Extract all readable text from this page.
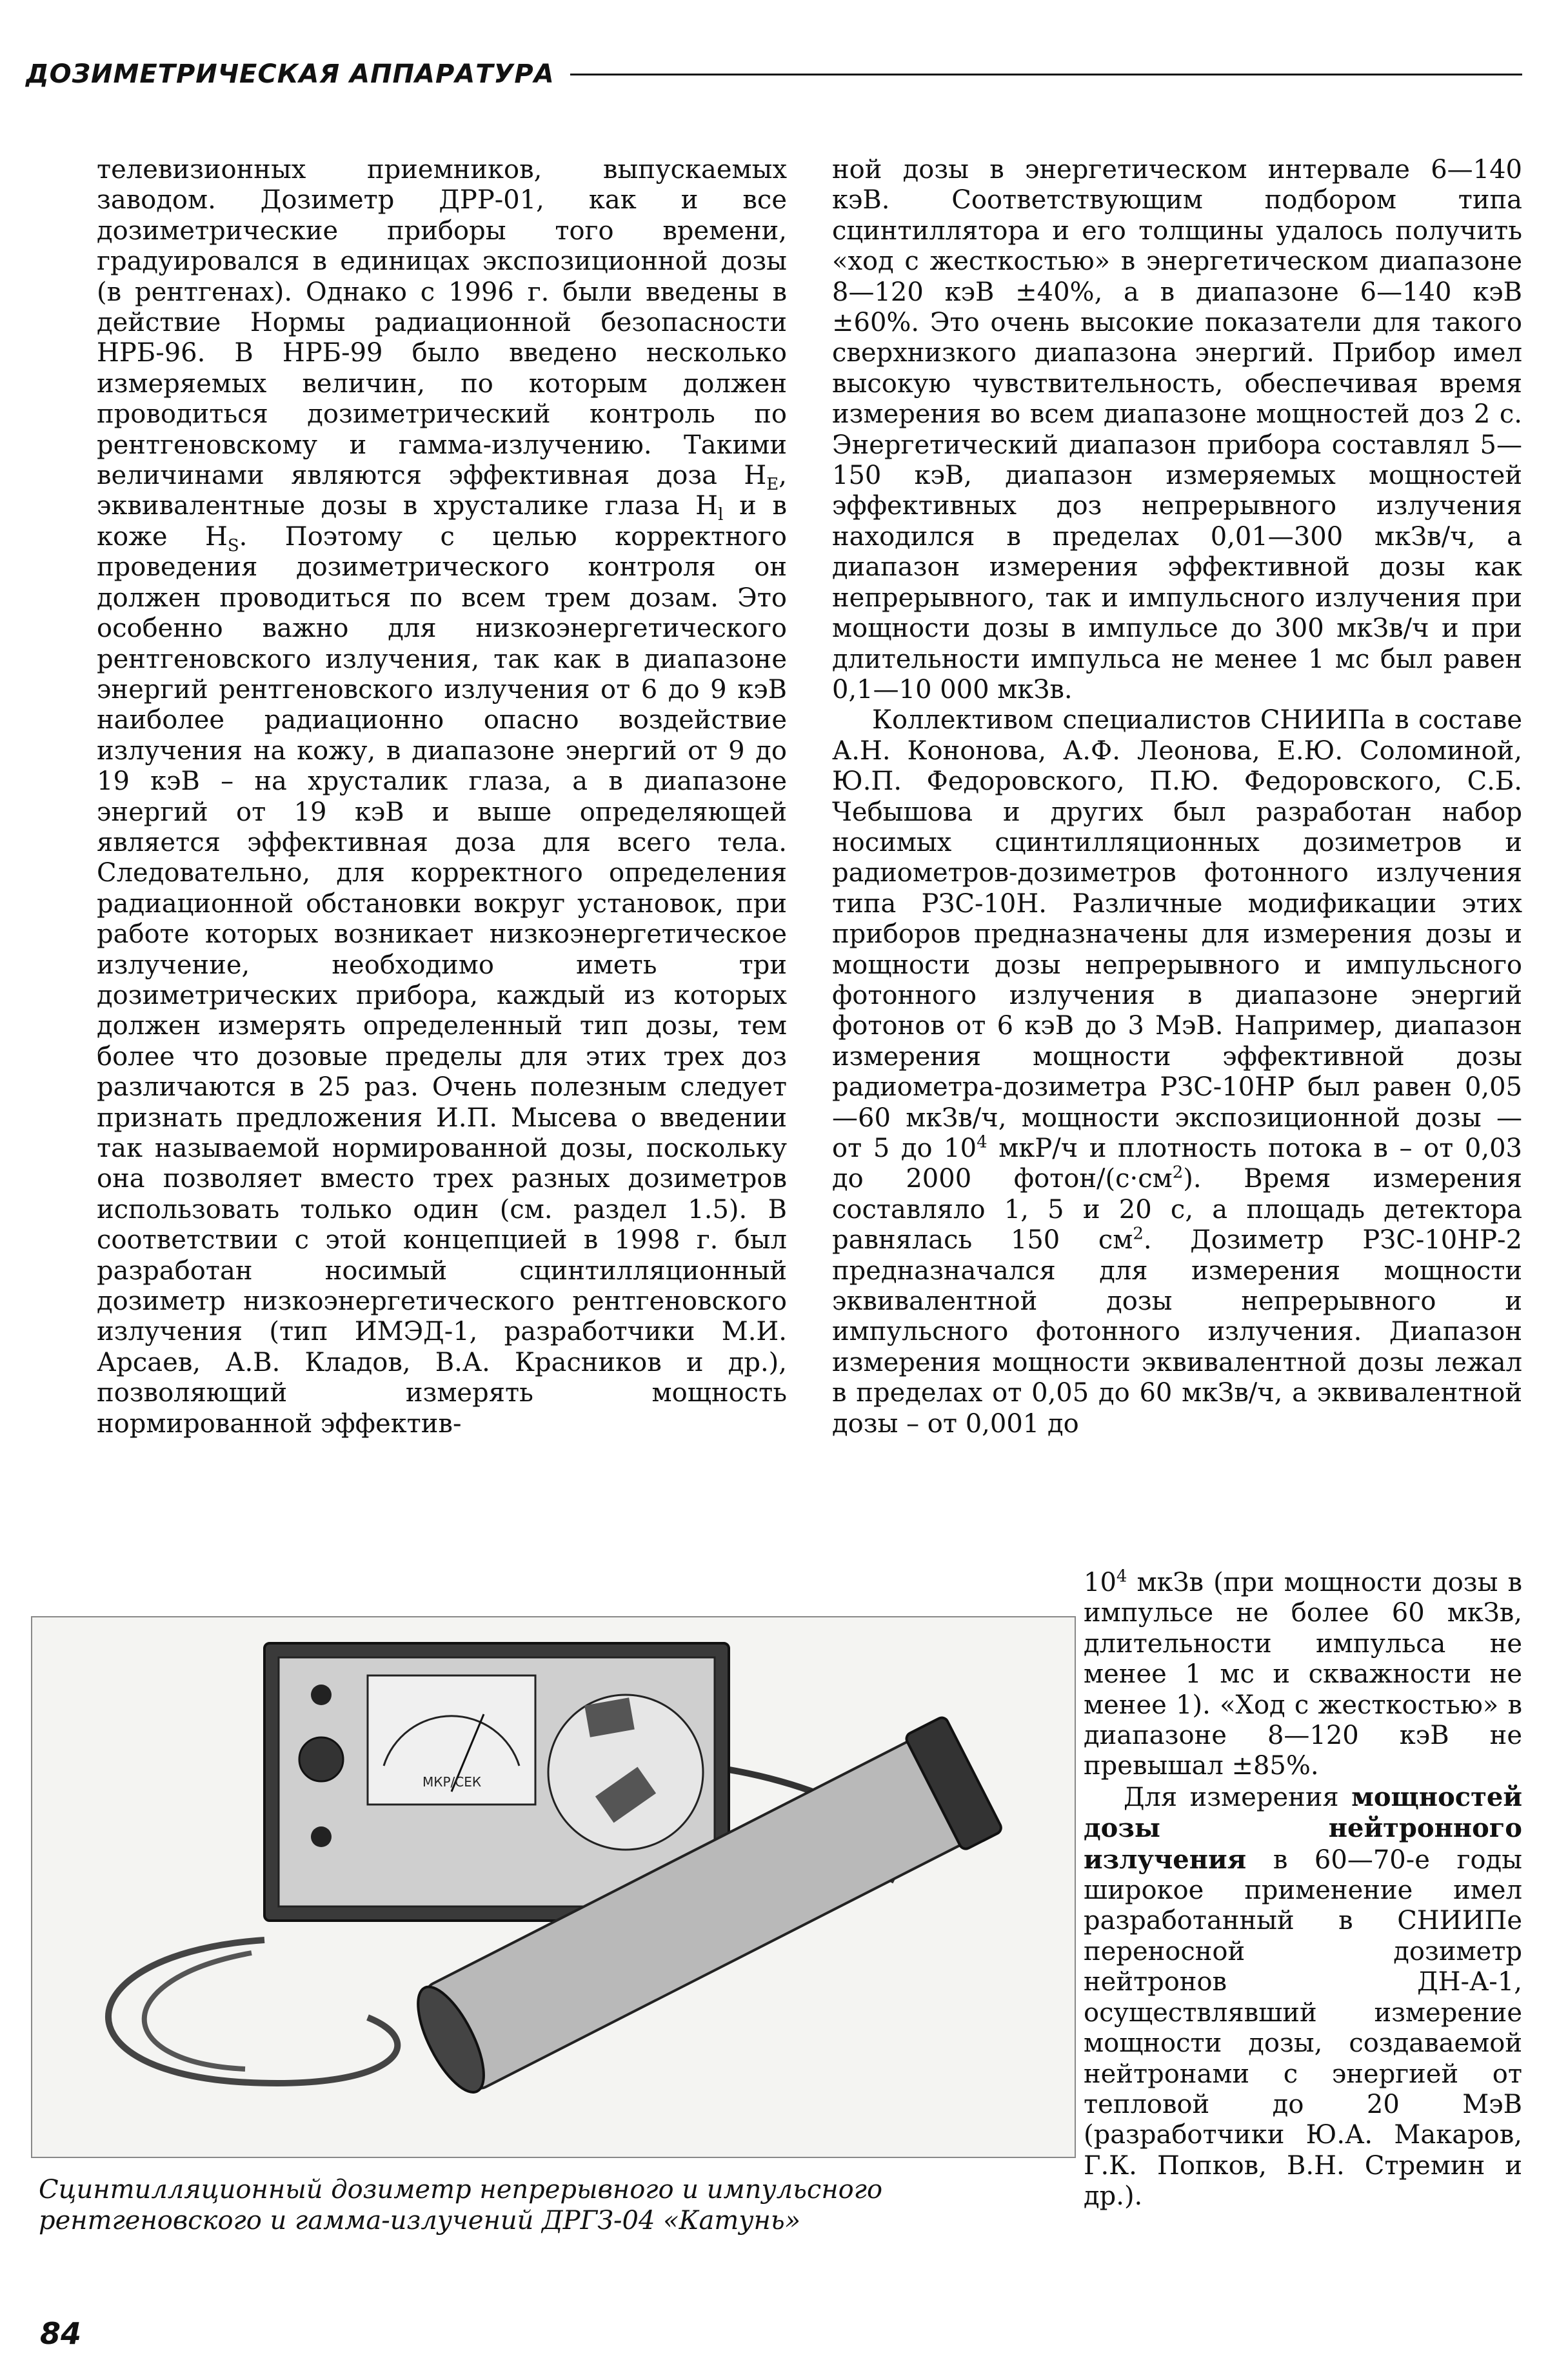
ДОЗИМЕТРИЧЕСКАЯ АППАРАТУРА

телевизионных приемников, выпускаемых заводом. Дозиметр ДРР-01, как и все дозиметрические приборы того времени, градуировался в единицах экспозиционной дозы (в рентгенах). Однако с 1996 г. были введены в действие Нормы радиационной безопасности НРБ-96. В НРБ-99 было введено несколько измеряемых величин, по которым должен проводиться дозиметрический контроль по рентгеновскому и гамма-излучению. Такими величинами являются эффективная доза $H_E$, эквивалентные дозы в хрусталике глаза $H_l$ и в коже $H_S$. Поэтому с целью корректного проведения дозиметрического контроля он должен проводиться по всем трем дозам. Это особенно важно для низкоэнергетического рентгеновского излучения, так как в диапазоне энергий рентгеновского излучения от 6 до 9 кэВ наиболее радиационно опасно воздействие излучения на кожу, в диапазоне энергий от 9 до 19 кэВ – на хрусталик глаза, а в диапазоне энергий от 19 кэВ и выше определяющей является эффективная доза для всего тела. Следовательно, для корректного определения радиационной обстановки вокруг установок, при работе которых возникает низкоэнергетическое излучение, необходимо иметь три дозиметрических прибора, каждый из которых должен измерять определенный тип дозы, тем более что дозовые пределы для этих трех доз различаются в 25 раз. Очень полезным следует признать предложения И.П. Мысева о введении так называемой нормированной дозы, поскольку она позволяет вместо трех разных дозиметров использовать только один (см. раздел 1.5). В соответствии с этой концепцией в 1998 г. был разработан носимый сцинтилляционный дозиметр низкоэнергетического рентгеновского излучения (тип ИМЭД-1, разработчики М.И. Арсаев, А.В. Кладов, В.А. Красников и др.), позволяющий измерять мощность нормированной эффектив-

ной дозы в энергетическом интервале 6—140 кэВ. Соответствующим подбором типа сцинтиллятора и его толщины удалось получить «ход с жесткостью» в энергетическом диапазоне 8—120 кэВ ±40%, а в диапазоне 6—140 кэВ ±60%. Это очень высокие показатели для такого сверхнизкого диапазона энергий. Прибор имел высокую чувствительность, обеспечивая время измерения во всем диапазоне мощностей доз 2 с. Энергетический диапазон прибора составлял 5—150 кэВ, диапазон измеряемых мощностей эффективных доз непрерывного излучения находился в пределах 0,01—300 мкЗв/ч, а диапазон измерения эффективной дозы как непрерывного, так и импульсного излучения при мощности дозы в импульсе до 300 мкЗв/ч и при длительности импульса не менее 1 мс был равен 0,1—10 000 мкЗв.

Коллективом специалистов СНИИПа в составе А.Н. Кононова, А.Ф. Леонова, Е.Ю. Соломиной, Ю.П. Федоровского, П.Ю. Федоровского, С.Б. Чебышова и других был разработан набор носимых сцинтилляционных дозиметров и радиометров-дозиметров фотонного излучения типа РЗС-10Н. Различные модификации этих приборов предназначены для измерения дозы и мощности дозы непрерывного и импульсного фотонного излучения в диапазоне энергий фотонов от 6 кэВ до 3 МэВ. Например, диапазон измерения мощности эффективной дозы радиометра-дозиметра РЗС-10НР был равен 0,05—60 мкЗв/ч, мощности экспозиционной дозы — от 5 до $10^4$ мкР/ч и плотность потока в – от 0,03 до 2000 фотон/$(с\cdot см^2)$. Время измерения составляло 1, 5 и 20 с, а площадь детектора равнялась 150 $см^2$. Дозиметр РЗС-10НР-2 предназначался для измерения мощности эквивалентной дозы непрерывного и импульсного фотонного излучения. Диапазон измерения мощности эквивалентной дозы лежал в пределах от 0,05 до 60 мкЗв/ч, а эквивалентной дозы – от 0,001 до

$10^4$ мкЗв (при мощности дозы в импульсе не более 60 мкЗв, длительности импульса не менее 1 мс и скважности не менее 1). «Ход с жесткостью» в диапазоне 8—120 кэВ не превышал ±85%.

Для измерения мощностей дозы нейтронного излучения в 60—70-е годы широкое применение имел разработанный в СНИИПе переносной дозиметр нейтронов ДН-А-1, осуществлявший измерение мощности дозы, создаваемой нейтронами с энергией от тепловой до 20 МэВ (разработчики Ю.А. Макаров, Г.К. Попков, В.Н. Стремин и др.).

МКР/СЕК
Сцинтилляционный дозиметр непрерывного и импульсного рентгеновского и гамма-излучений ДРГЗ-04 «Катунь»
84
